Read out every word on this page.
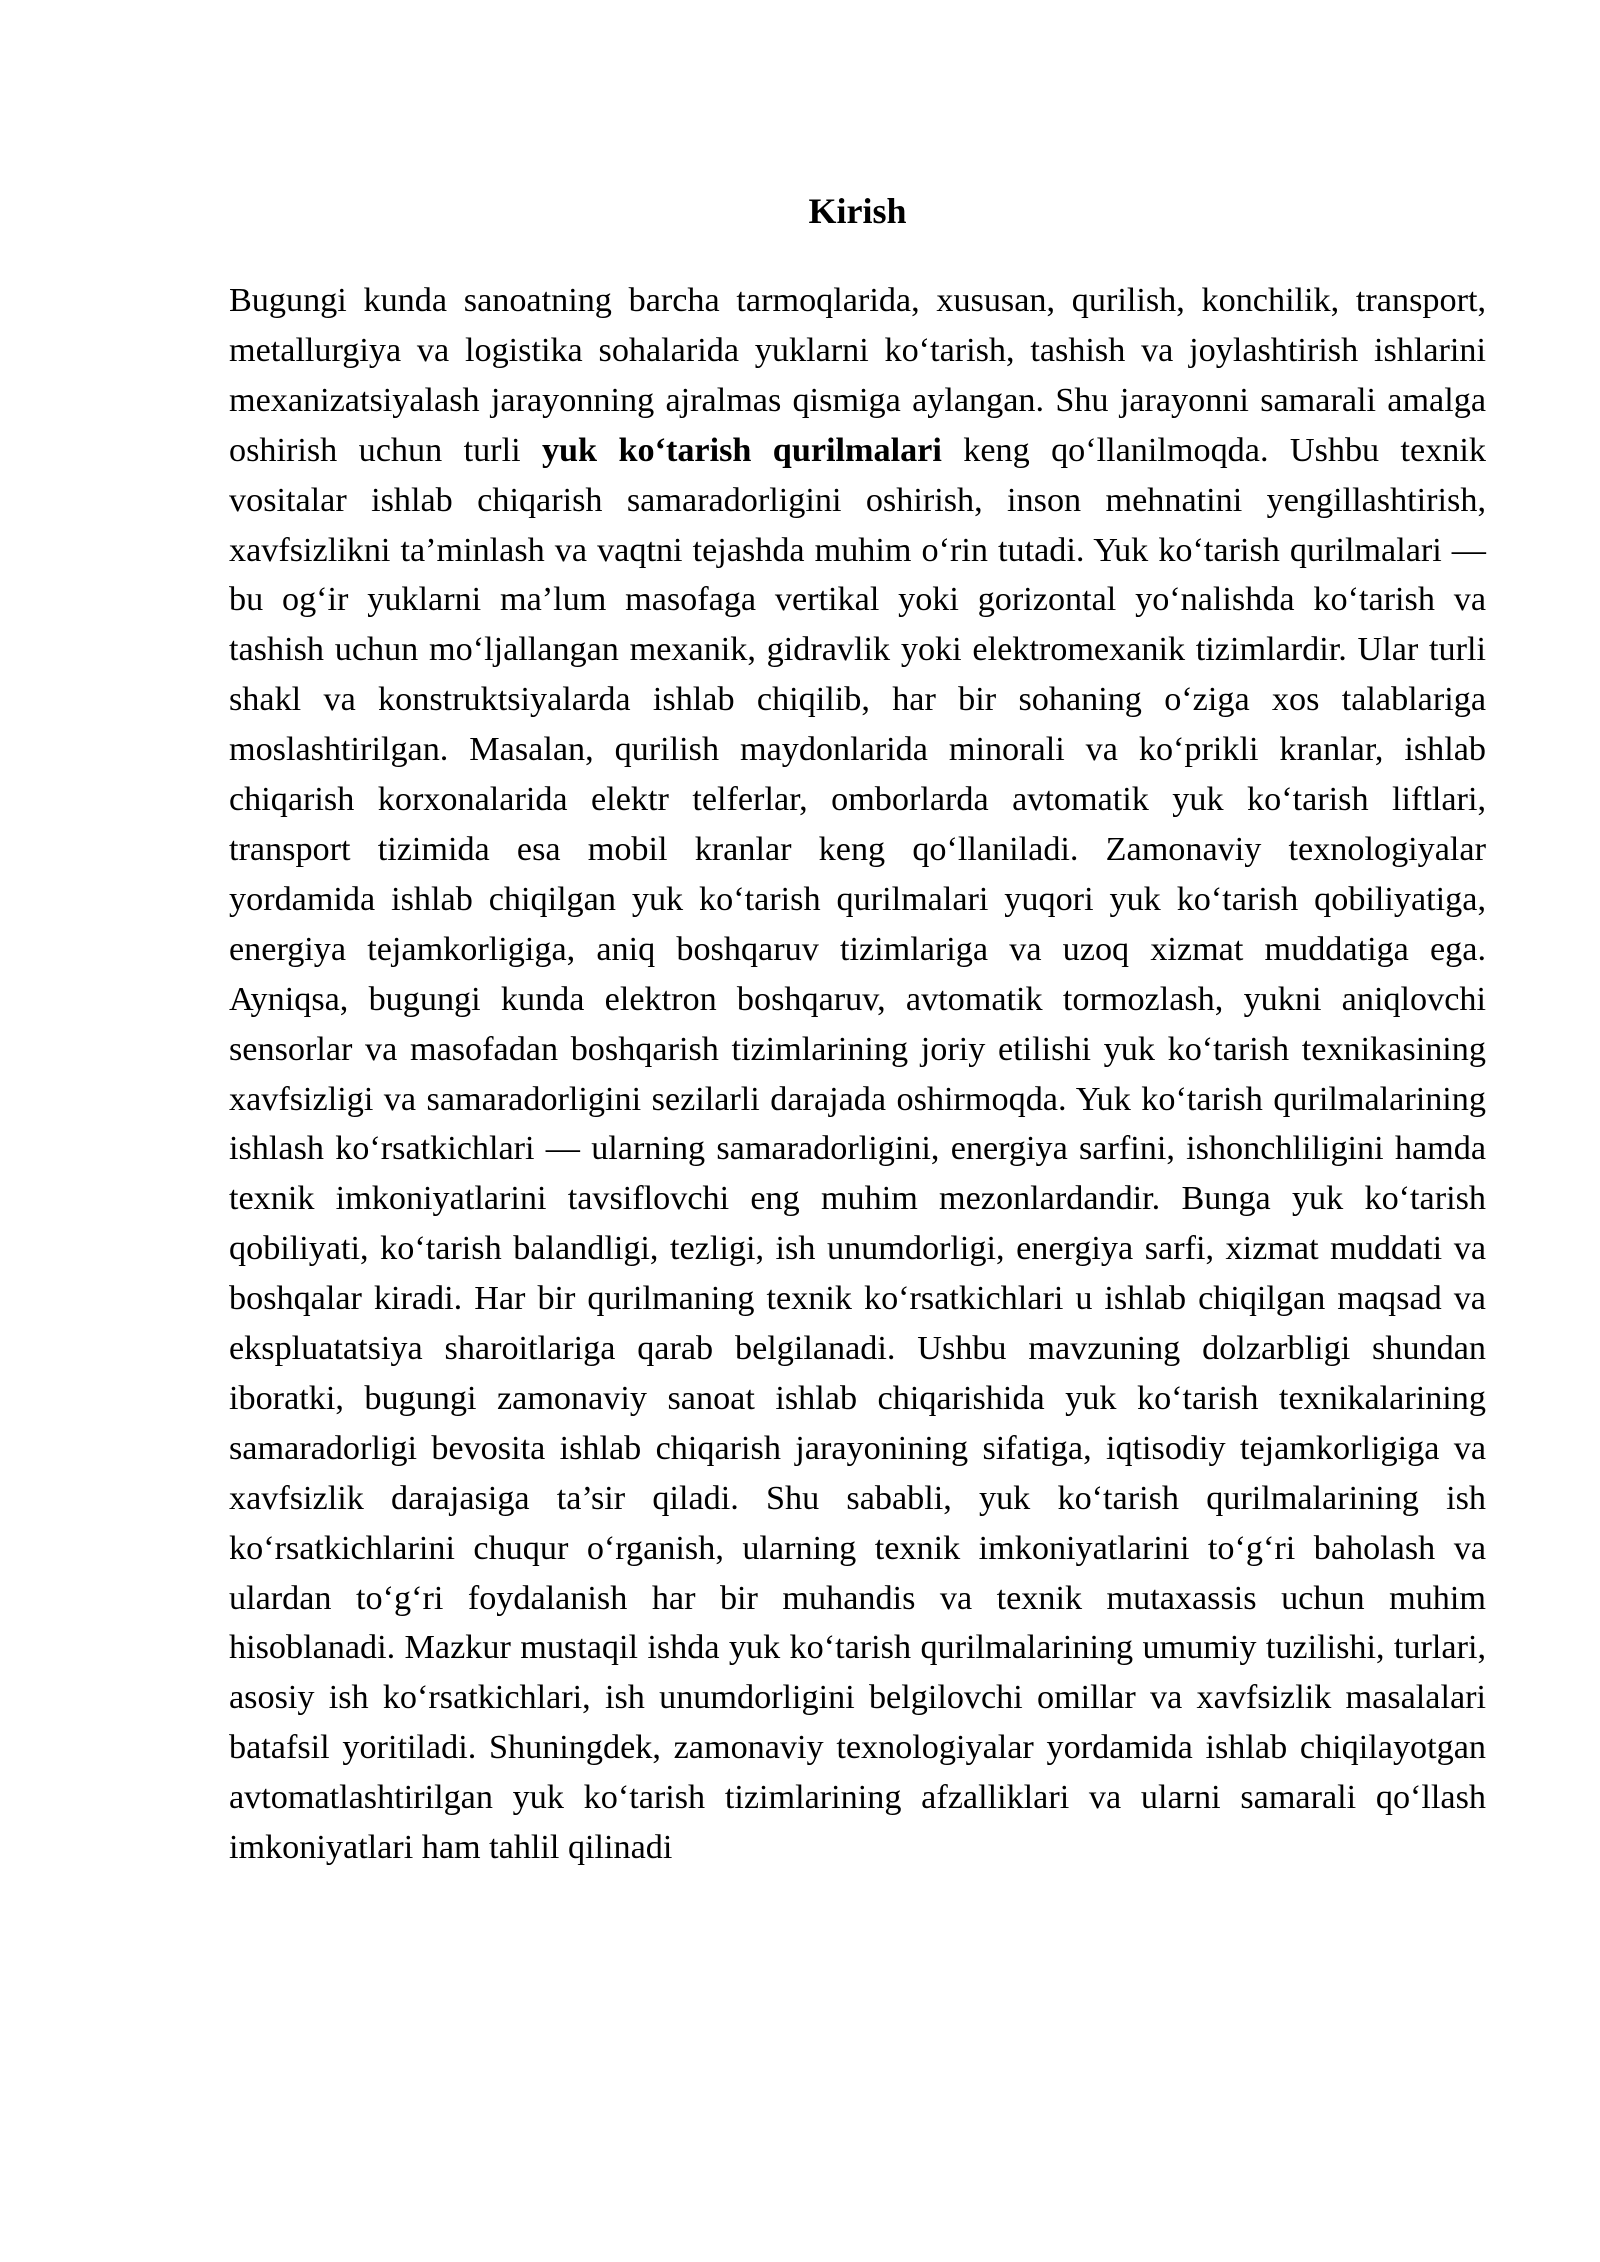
Kirish

Bugungi kunda sanoatning barcha tarmoqlarida, xususan, qurilish, konchilik, transport, metallurgiya va logistika sohalarida yuklarni ko‘tarish, tashish va joylashtirish ishlarini mexanizatsiyalash jarayonning ajralmas qismiga aylangan. Shu jarayonni samarali amalga oshirish uchun turli yuk ko‘tarish qurilmalari keng qo‘llanilmoqda. Ushbu texnik vositalar ishlab chiqarish samaradorligini oshirish, inson mehnatini yengillashtirish, xavfsizlikni ta’minlash va vaqtni tejashda muhim o‘rin tutadi. Yuk ko‘tarish qurilmalari — bu og‘ir yuklarni ma’lum masofaga vertikal yoki gorizontal yo‘nalishda ko‘tarish va tashish uchun mo‘ljallangan mexanik, gidravlik yoki elektromexanik tizimlardir. Ular turli shakl va konstruktsiyalarda ishlab chiqilib, har bir sohaning o‘ziga xos talablariga moslashtirilgan. Masalan, qurilish maydonlarida minorali va ko‘prikli kranlar, ishlab chiqarish korxonalarida elektr telferlar, omborlarda avtomatik yuk ko‘tarish liftlari, transport tizimida esa mobil kranlar keng qo‘llaniladi. Zamonaviy texnologiyalar yordamida ishlab chiqilgan yuk ko‘tarish qurilmalari yuqori yuk ko‘tarish qobiliyatiga, energiya tejamkorligiga, aniq boshqaruv tizimlariga va uzoq xizmat muddatiga ega. Ayniqsa, bugungi kunda elektron boshqaruv, avtomatik tormozlash, yukni aniqlovchi sensorlar va masofadan boshqarish tizimlarining joriy etilishi yuk ko‘tarish texnikasining xavfsizligi va samaradorligini sezilarli darajada oshirmoqda. Yuk ko‘tarish qurilmalarining ishlash ko‘rsatkichlari — ularning samaradorligini, energiya sarfini, ishonchliligini hamda texnik imkoniyatlarini tavsiflovchi eng muhim mezonlardandir. Bunga yuk ko‘tarish qobiliyati, ko‘tarish balandligi, tezligi, ish unumdorligi, energiya sarfi, xizmat muddati va boshqalar kiradi. Har bir qurilmaning texnik ko‘rsatkichlari u ishlab chiqilgan maqsad va ekspluatatsiya sharoitlariga qarab belgilanadi. Ushbu mavzuning dolzarbligi shundan iboratki, bugungi zamonaviy sanoat ishlab chiqarishida yuk ko‘tarish texnikalarining samaradorligi bevosita ishlab chiqarish jarayonining sifatiga, iqtisodiy tejamkorligiga va xavfsizlik darajasiga ta’sir qiladi. Shu sababli, yuk ko‘tarish qurilmalarining ish ko‘rsatkichlarini chuqur o‘rganish, ularning texnik imkoniyatlarini to‘g‘ri baholash va ulardan to‘g‘ri foydalanish har bir muhandis va texnik mutaxassis uchun muhim hisoblanadi. Mazkur mustaqil ishda yuk ko‘tarish qurilmalarining umumiy tuzilishi, turlari, asosiy ish ko‘rsatkichlari, ish unumdorligini belgilovchi omillar va xavfsizlik masalalari batafsil yoritiladi. Shuningdek, zamonaviy texnologiyalar yordamida ishlab chiqilayotgan avtomatlashtirilgan yuk ko‘tarish tizimlarining afzalliklari va ularni samarali qo‘llash imkoniyatlari ham tahlil qilinadi
